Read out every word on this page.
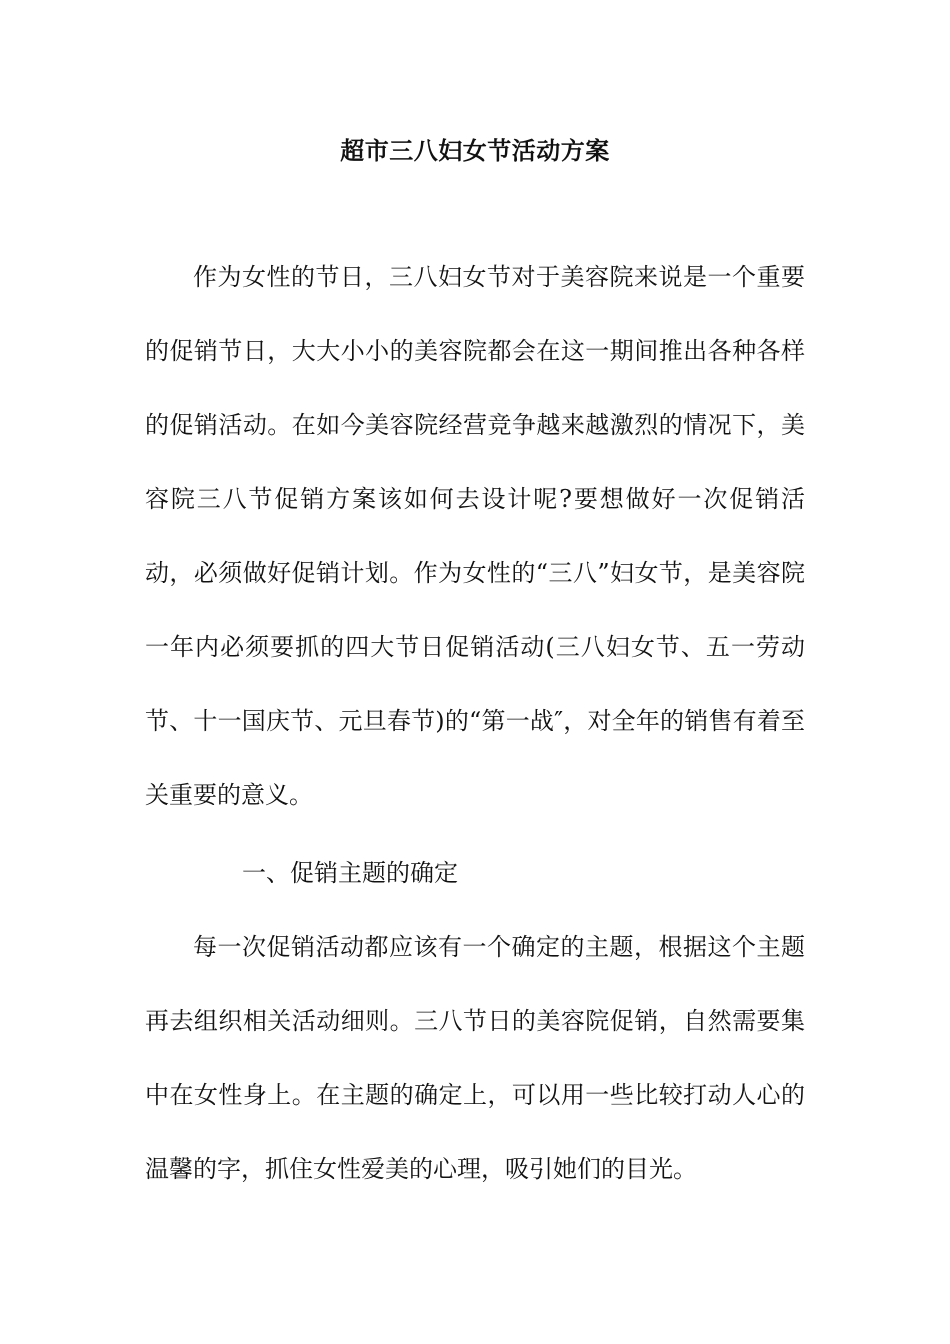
超市三八妇女节活动方案

作为女性的节日，三八妇女节对于美容院来说是一个重要的促销节日，大大小小的美容院都会在这一期间推出各种各样的促销活动。在如今美容院经营竞争越来越激烈的情况下，美容院三八节促销方案该如何去设计呢?要想做好一次促销活动，必须做好促销计划。作为女性的“三八”妇女节，是美容院一年内必须要抓的四大节日促销活动(三八妇女节、五一劳动节、十一国庆节、元旦春节)的“第一战″，对全年的销售有着至关重要的意义。

一、促销主题的确定

每一次促销活动都应该有一个确定的主题，根据这个主题再去组织相关活动细则。三八节日的美容院促销，自然需要集中在女性身上。在主题的确定上，可以用一些比较打动人心的温馨的字，抓住女性爱美的心理，吸引她们的目光。
